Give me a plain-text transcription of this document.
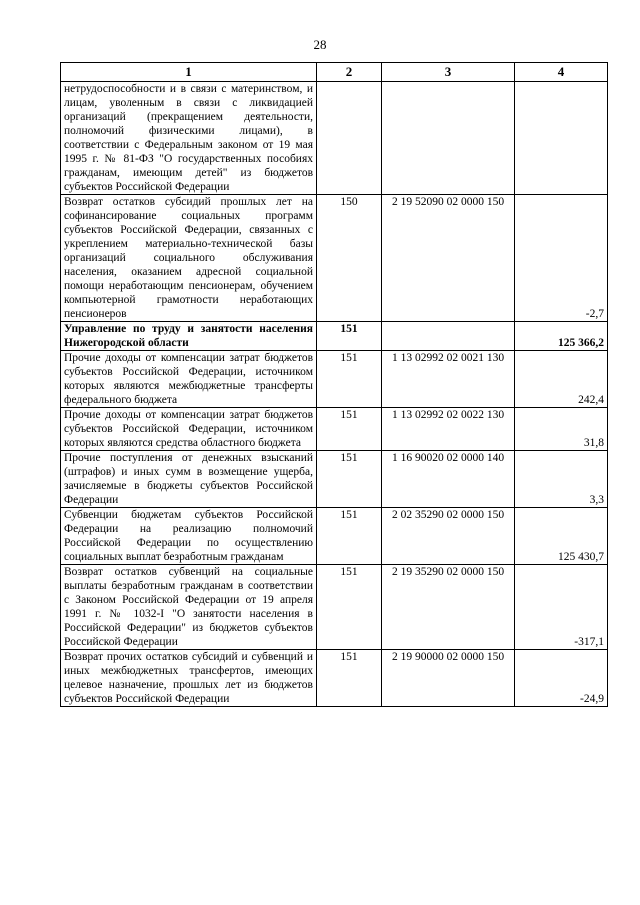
28
1	2	3	4
нетрудоспособности и в связи с материнством, и лицам, уволенным в связи с ликвидацией организаций (прекращением деятельности, полномочий физическими лицами), в соответствии с Федеральным законом от 19 мая 1995 г. № 81-ФЗ "О государственных пособиях гражданам, имеющим детей" из бюджетов субъектов Российской Федерации			
Возврат остатков субсидий прошлых лет на софинансирование социальных программ субъектов Российской Федерации, связанных с укреплением материально-технической базы организаций социального обслуживания населения, оказанием адресной социальной помощи неработающим пенсионерам, обучением компьютерной грамотности неработающих пенсионеров	150	2 19 52090 02 0000 150	-2,7
Управление по труду и занятости населения Нижегородской области	151		125 366,2
Прочие доходы от компенсации затрат бюджетов субъектов Российской Федерации, источником которых являются межбюджетные трансферты федерального бюджета	151	1 13 02992 02 0021 130	242,4
Прочие доходы от компенсации затрат бюджетов субъектов Российской Федерации, источником которых являются средства областного бюджета	151	1 13 02992 02 0022 130	31,8
Прочие поступления от денежных взысканий (штрафов) и иных сумм в возмещение ущерба, зачисляемые в бюджеты субъектов Российской Федерации	151	1 16 90020 02 0000 140	3,3
Субвенции бюджетам субъектов Российской Федерации на реализацию полномочий Российской Федерации по осуществлению социальных выплат безработным гражданам	151	2 02 35290 02 0000 150	125 430,7
Возврат остатков субвенций на социальные выплаты безработным гражданам в соответствии с Законом Российской Федерации от 19 апреля 1991 г. № 1032-I "О занятости населения в Российской Федерации" из бюджетов субъектов Российской Федерации	151	2 19 35290 02 0000 150	-317,1
Возврат прочих остатков субсидий и субвенций и иных межбюджетных трансфертов, имеющих целевое назначение, прошлых лет из бюджетов субъектов Российской Федерации	151	2 19 90000 02 0000 150	-24,9
